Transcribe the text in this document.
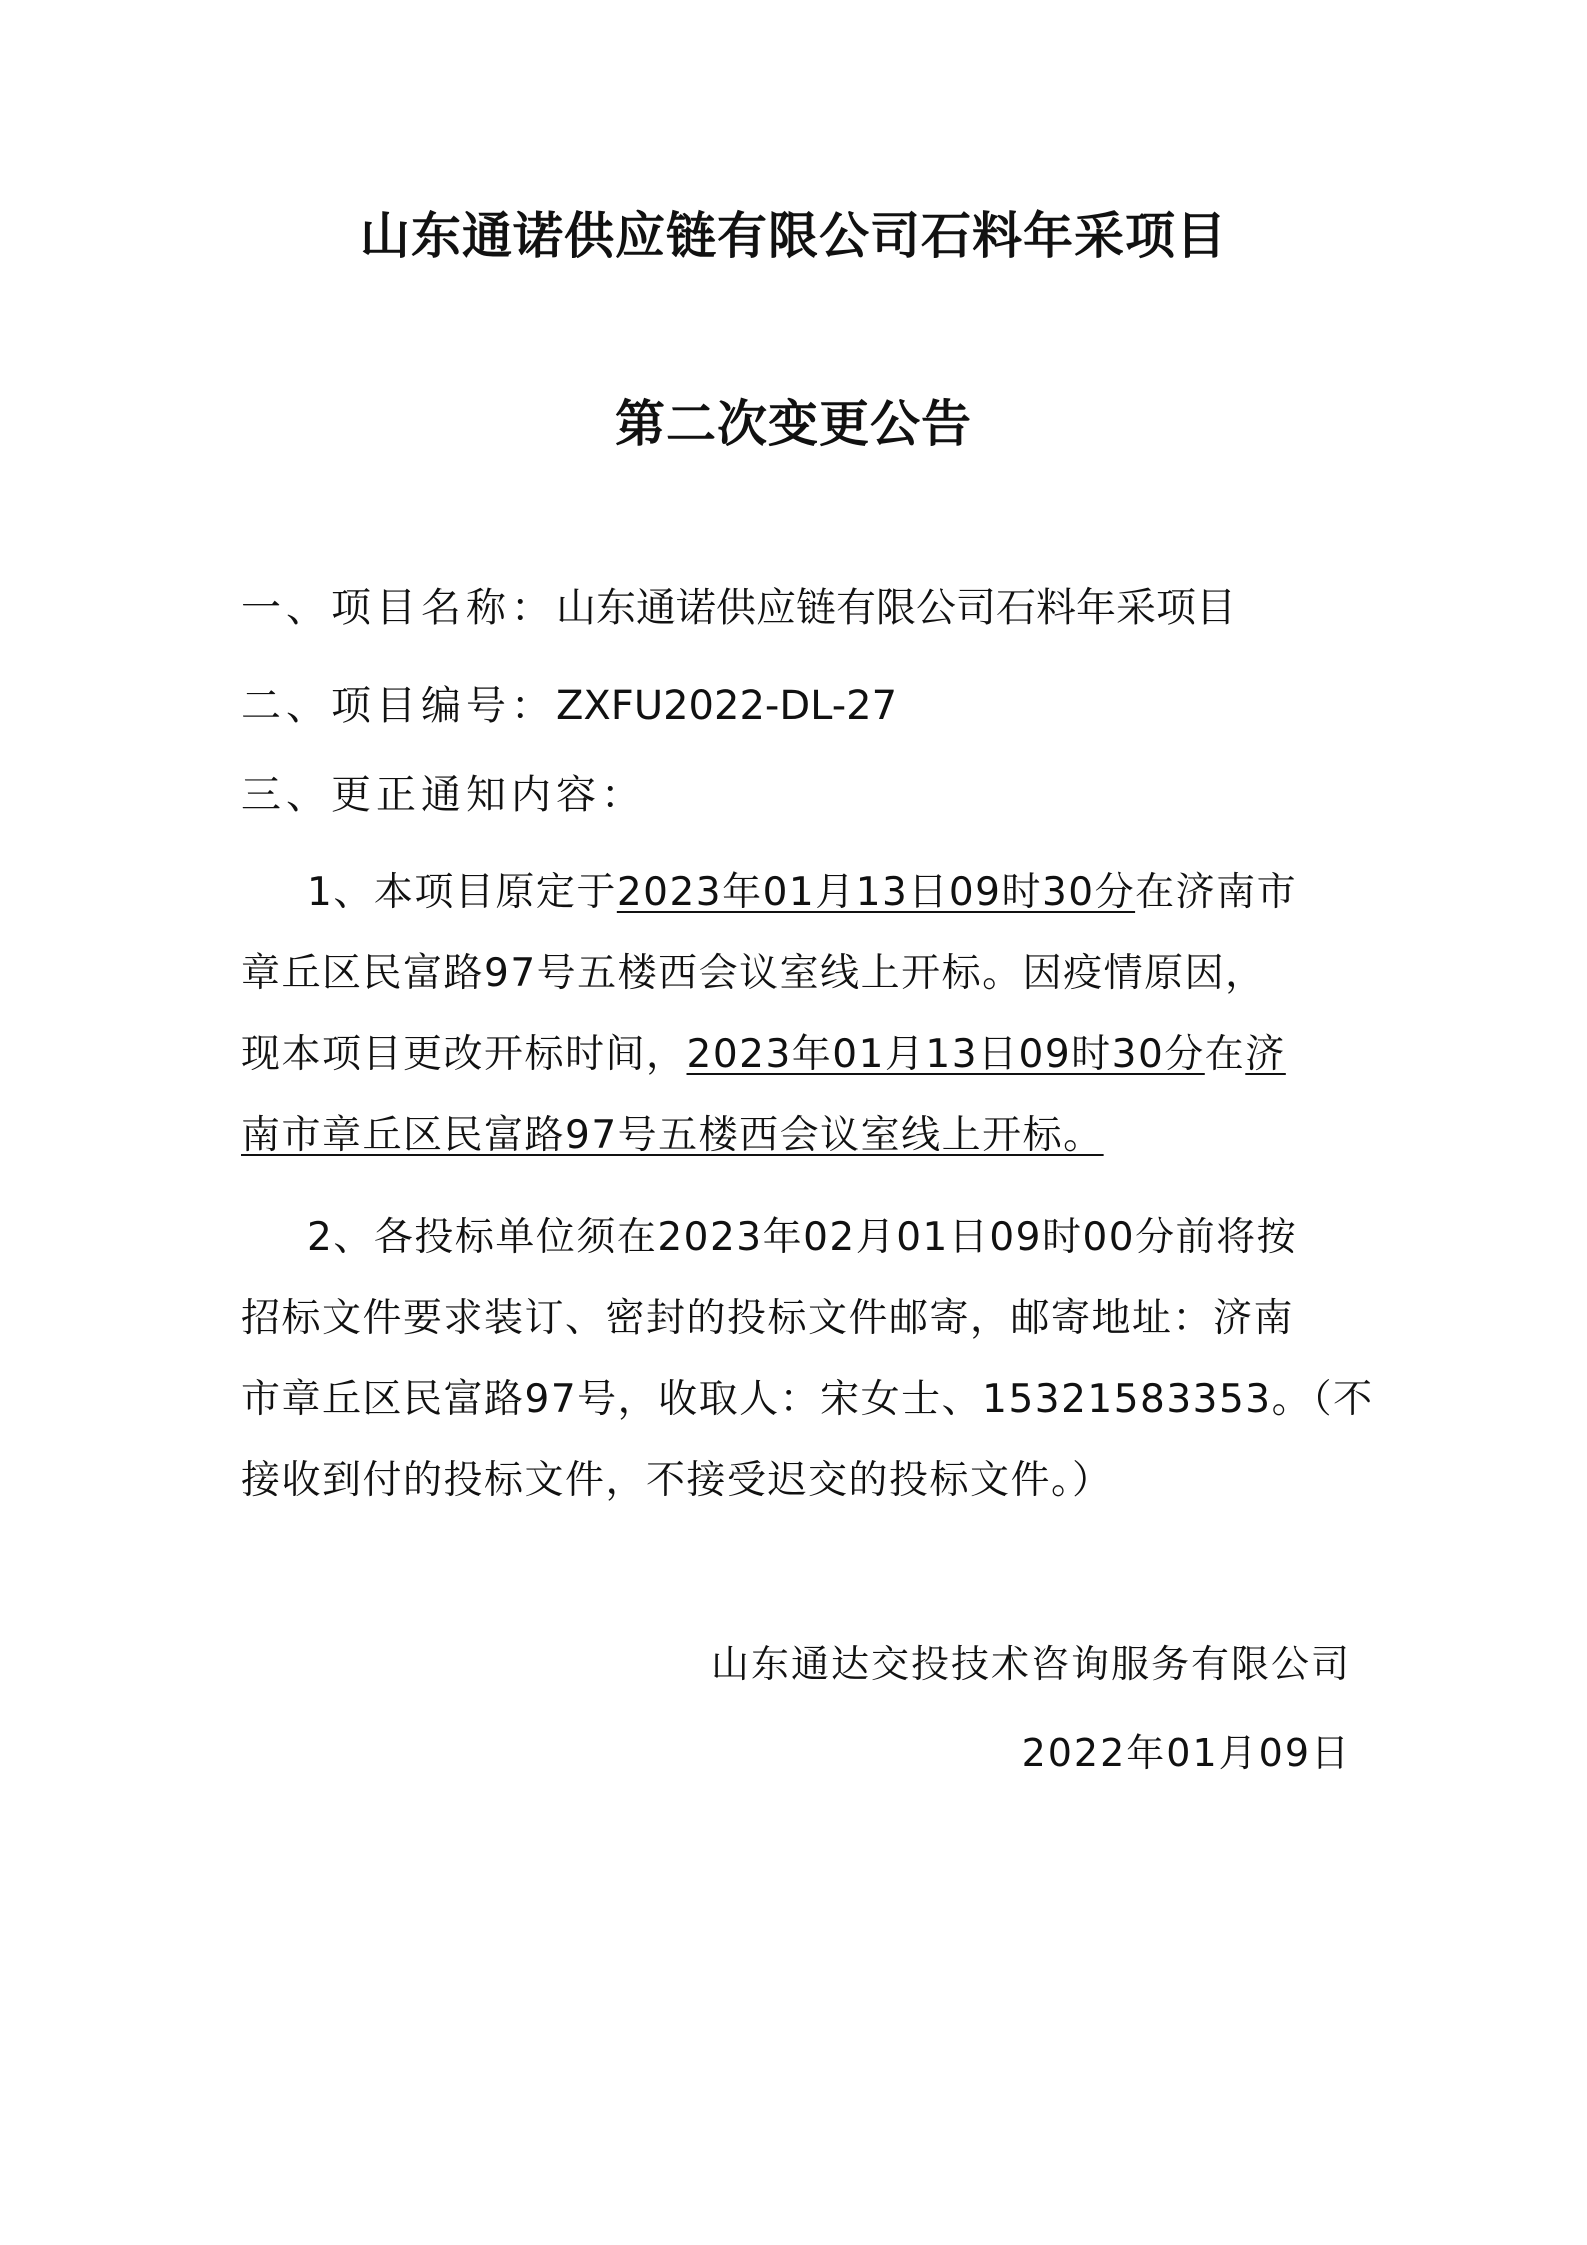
山东通诺供应链有限公司石料年采项目
第二次变更公告
一、项目名称：山东通诺供应链有限公司石料年采项目
二、项目编号：ZXFU2022-DL-27
三、更正通知内容：
1、本项目原定于2023年01月13日09时30分在济南市
章丘区民富路97号五楼西会议室线上开标。因疫情原因，
现本项目更改开标时间，2023年01月13日09时30分在济
南市章丘区民富路97号五楼西会议室线上开标。
2、各投标单位须在2023年02月01日09时00分前将按
招标文件要求装订、密封的投标文件邮寄，邮寄地址：济南
市章丘区民富路97号，收取人：宋女士、15321583353。（不
接收到付的投标文件，不接受迟交的投标文件。）
山东通达交投技术咨询服务有限公司
2022年01月09日
